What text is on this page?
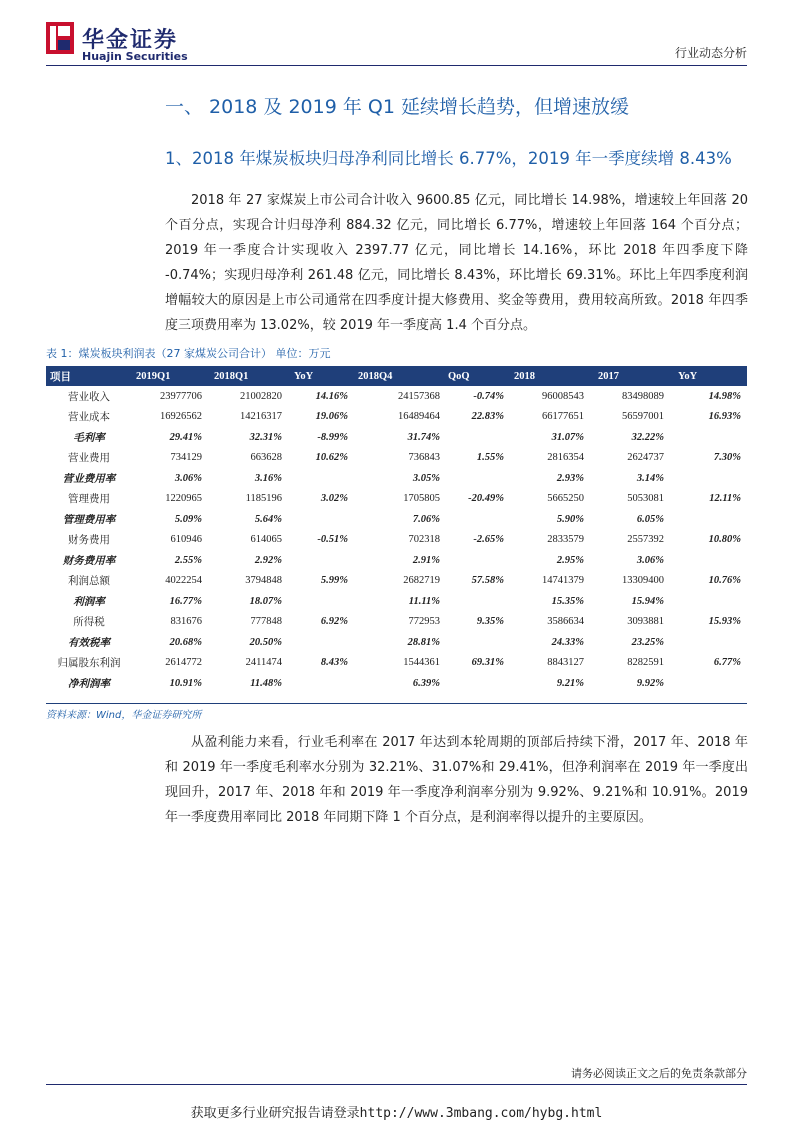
华金证券
Huajin Securities	行业动态分析
一、 2018 及 2019 年 Q1 延续增长趋势，但增速放缓
1、2018 年煤炭板块归母净利同比增长 6.77%，2019 年一季度续增 8.43%
2018 年 27 家煤炭上市公司合计收入 9600.85 亿元，同比增长 14.98%，增速较上年回落 20 个百分点，实现合计归母净利 884.32 亿元，同比增长 6.77%，增速较上年回落 164 个百分点；2019 年一季度合计实现收入 2397.77 亿元，同比增长 14.16%，环比 2018 年四季度下降 -0.74%；实现归母净利 261.48 亿元，同比增长 8.43%，环比增长 69.31%。环比上年四季度利润增幅较大的原因是上市公司通常在四季度计提大修费用、奖金等费用，费用较高所致。2018 年四季度三项费用率为 13.02%，较 2019 年一季度高 1.4 个百分点。
表 1：煤炭板块利润表（27 家煤炭公司合计） 单位：万元
项目	2019Q1	2018Q1	YoY	2018Q4	QoQ	2018	2017	YoY
营业收入	23977706	21002820	14.16%	24157368	-0.74%	96008543	83498089	14.98%
营业成本	16926562	14216317	19.06%	16489464	22.83%	66177651	56597001	16.93%
毛利率	29.41%	32.31%	-8.99%	31.74%		31.07%	32.22%	
营业费用	734129	663628	10.62%	736843	1.55%	2816354	2624737	7.30%
营业费用率	3.06%	3.16%		3.05%		2.93%	3.14%	
管理费用	1220965	1185196	3.02%	1705805	-20.49%	5665250	5053081	12.11%
管理费用率	5.09%	5.64%		7.06%		5.90%	6.05%	
财务费用	610946	614065	-0.51%	702318	-2.65%	2833579	2557392	10.80%
财务费用率	2.55%	2.92%		2.91%		2.95%	3.06%	
利润总额	4022254	3794848	5.99%	2682719	57.58%	14741379	13309400	10.76%
利润率	16.77%	18.07%		11.11%		15.35%	15.94%	
所得税	831676	777848	6.92%	772953	9.35%	3586634	3093881	15.93%
有效税率	20.68%	20.50%		28.81%		24.33%	23.25%	
归属股东利润	2614772	2411474	8.43%	1544361	69.31%	8843127	8282591	6.77%
净利润率	10.91%	11.48%		6.39%		9.21%	9.92%	
资料来源：Wind，华金证券研究所
从盈利能力来看，行业毛利率在 2017 年达到本轮周期的顶部后持续下滑，2017 年、2018 年和 2019 年一季度毛利率水分别为 32.21%、31.07%和 29.41%，但净利润率在 2019 年一季度出现回升，2017 年、2018 年和 2019 年一季度净利润率分别为 9.92%、9.21%和 10.91%。2019 年一季度费用率同比 2018 年同期下降 1 个百分点，是利润率得以提升的主要原因。
请务必阅读正文之后的免责条款部分
获取更多行业研究报告请登录http://www.3mbang.com/hybg.html
